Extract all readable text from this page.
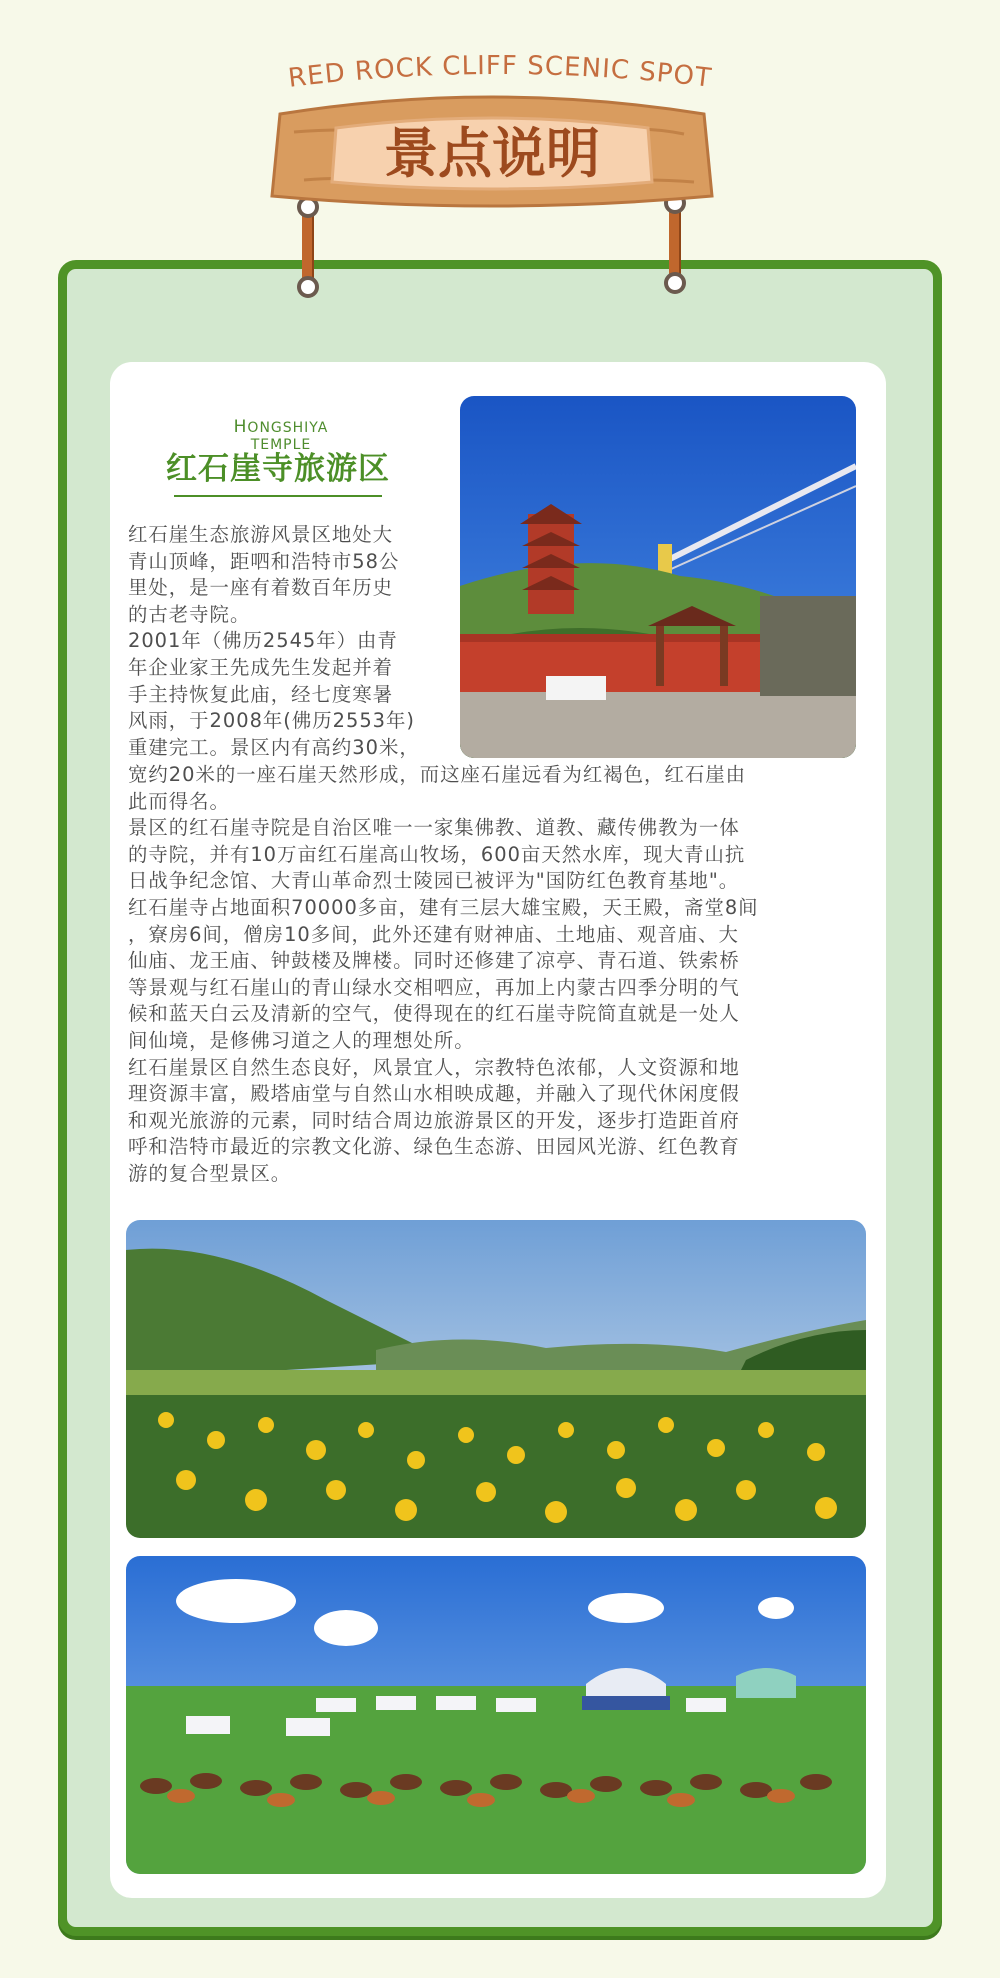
RED ROCK CLIFF SCENIC SPOT
景点说明
HONGSHIYA TEMPLE
红石崖寺旅游区

红石崖生态旅游风景区地处大
青山顶峰，距呬和浩特市58公
里处，是一座有着数百年历史
的古老寺院。
2001年（佛历2545年）由青
年企业家王先成先生发起并着
手主持恢复此庙，经七度寒暑
风雨，于2008年(佛历2553年)
重建完工。景区内有高约30米，

宽约20米的一座石崖天然形成，而这座石崖远看为红褐色，红石崖由
此而得名。
景区的红石崖寺院是自治区唯一一家集佛教、道教、藏传佛教为一体
的寺院，并有10万亩红石崖高山牧场，600亩天然水库，现大青山抗
日战争纪念馆、大青山革命烈士陵园已被评为"国防红色教育基地"。
红石崖寺占地面积70000多亩，建有三层大雄宝殿，天王殿，斋堂8间
，寮房6间，僧房10多间，此外还建有财神庙、土地庙、观音庙、大
仙庙、龙王庙、钟鼓楼及牌楼。同时还修建了凉亭、青石道、铁索桥
等景观与红石崖山的青山绿水交相呬应，再加上内蒙古四季分明的气
候和蓝天白云及清新的空气，使得现在的红石崖寺院简直就是一处人
间仙境，是修佛习道之人的理想处所。
红石崖景区自然生态良好，风景宜人，宗教特色浓郁，人文资源和地
理资源丰富，殿塔庙堂与自然山水相映成趣，并融入了现代休闲度假
和观光旅游的元素，同时结合周边旅游景区的开发，逐步打造距首府
呼和浩特市最近的宗教文化游、绿色生态游、田园风光游、红色教育
游的复合型景区。
